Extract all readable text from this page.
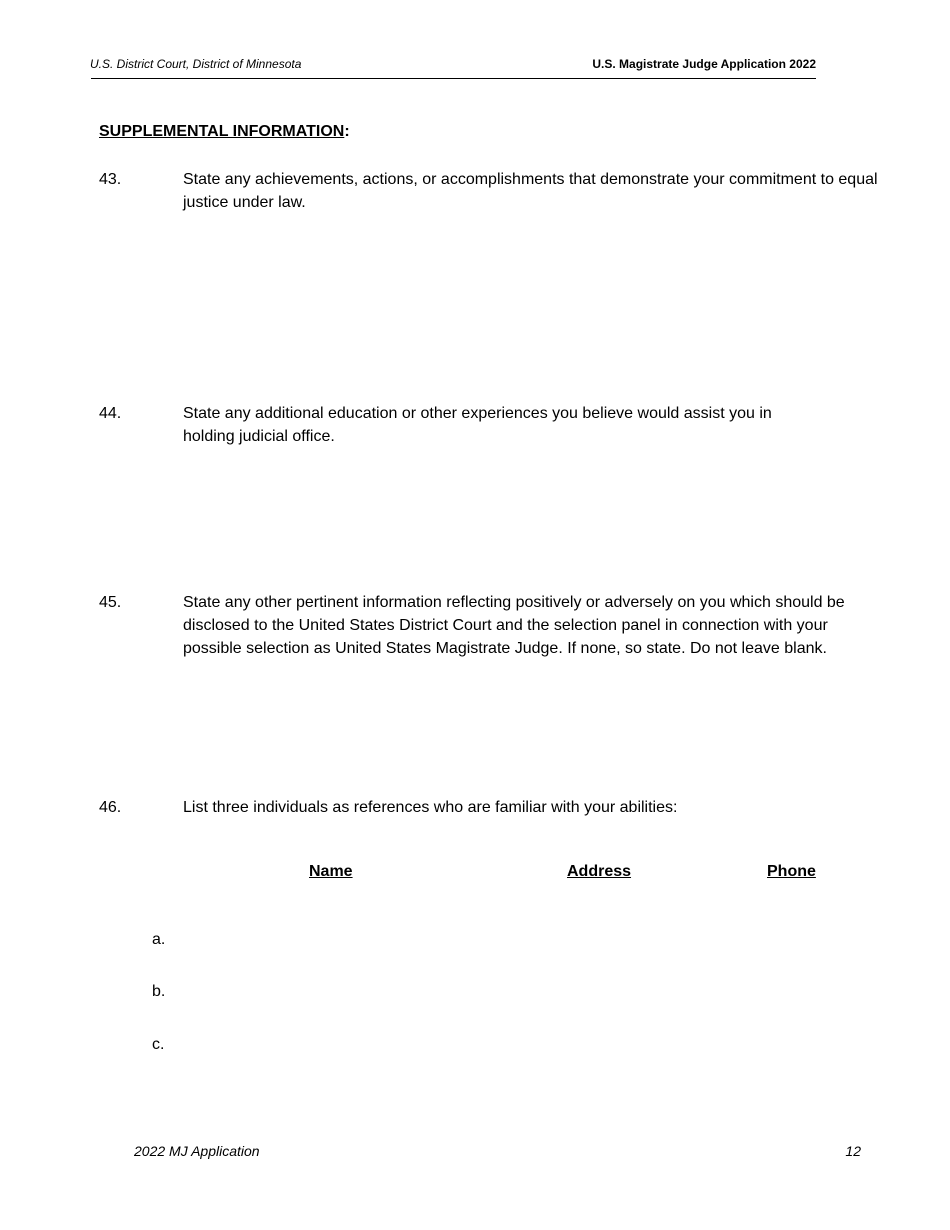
U.S. District Court, District of Minnesota	U.S. Magistrate Judge Application 2022
SUPPLEMENTAL INFORMATION:
43.	State any achievements, actions, or accomplishments that demonstrate your commitment to equal justice under law.
44.	State any additional education or other experiences you believe would assist you in holding judicial office.
45.	State any other pertinent information reflecting positively or adversely on you which should be disclosed to the United States District Court and the selection panel in connection with your possible selection as United States Magistrate Judge. If none, so state. Do not leave blank.
46.	List three individuals as references who are familiar with your abilities:
Name	Address	Phone
a.
b.
c.
2022 MJ Application	12
